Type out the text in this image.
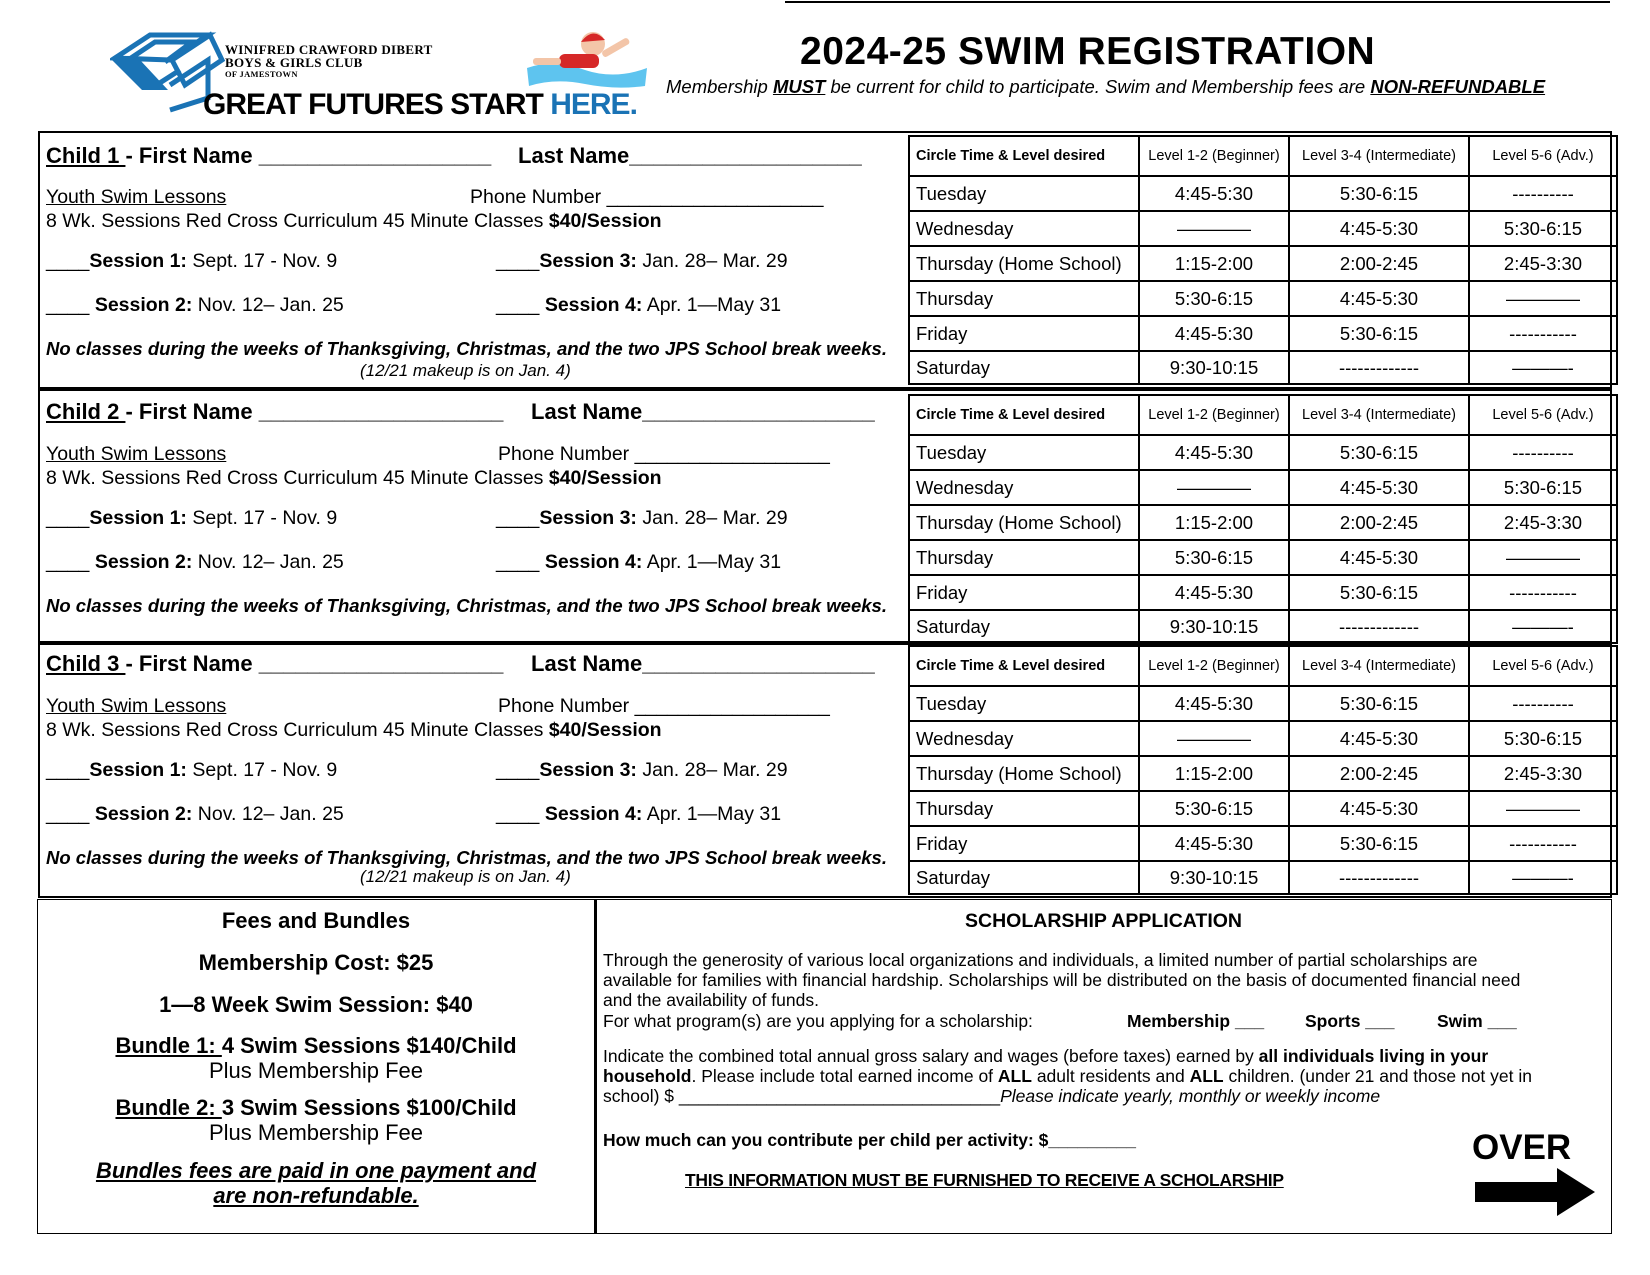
WINIFRED CRAWFORD DIBERT
BOYS & GIRLS CLUB
OF JAMESTOWN
GREAT FUTURES START HERE.
2024-25 SWIM REGISTRATION
Membership MUST be current for child to participate. Swim and Membership fees are NON-REFUNDABLE
Child 1 - First Name ___________________ Last Name___________________
Youth Swim Lessons	Phone Number ____________________
8 Wk. Sessions Red Cross Curriculum 45 Minute Classes $40/Session
____Session 1: Sept. 17 - Nov. 9	____Session 3: Jan. 28– Mar. 29
____ Session 2: Nov. 12– Jan. 25	____ Session 4: Apr. 1—May 31
No classes during the weeks of Thanksgiving, Christmas, and the two JPS School break weeks.
(12/21 makeup is on Jan. 4)
Child 2 - First Name ____________________ Last Name___________________
Youth Swim Lessons	Phone Number __________________
8 Wk. Sessions Red Cross Curriculum 45 Minute Classes $40/Session
____Session 1: Sept. 17 - Nov. 9	____Session 3: Jan. 28– Mar. 29
____ Session 2: Nov. 12– Jan. 25	____ Session 4: Apr. 1—May 31
No classes during the weeks of Thanksgiving, Christmas, and the two JPS School break weeks.
Child 3 - First Name ____________________ Last Name___________________
Youth Swim Lessons	Phone Number __________________
8 Wk. Sessions Red Cross Curriculum 45 Minute Classes $40/Session
____Session 1: Sept. 17 - Nov. 9	____Session 3: Jan. 28– Mar. 29
____ Session 2: Nov. 12– Jan. 25	____ Session 4: Apr. 1—May 31
No classes during the weeks of Thanksgiving, Christmas, and the two JPS School break weeks.
(12/21 makeup is on Jan. 4)
Fees and Bundles
Membership Cost: $25
1—8 Week Swim Session: $40
Bundle 1: 4 Swim Sessions $140/Child
Plus Membership Fee
Bundle 2: 3 Swim Sessions $100/Child
Plus Membership Fee
Bundles fees are paid in one payment and
are non-refundable.
SCHOLARSHIP APPLICATION
Through the generosity of various local organizations and individuals, a limited number of partial scholarships are
available for families with financial hardship. Scholarships will be distributed on the basis of documented financial need
and the availability of funds.
For what program(s) are you applying for a scholarship:	Membership ___ Sports ___ Swim ___
Indicate the combined total annual gross salary and wages (before taxes) earned by all individuals living in your
household. Please include total earned income of ALL adult residents and ALL children. (under 21 and those not yet in
school) $ _________________________________Please indicate yearly, monthly or weekly income
How much can you contribute per child per activity: $_________
THIS INFORMATION MUST BE FURNISHED TO RECEIVE A SCHOLARSHIP
OVER
Circle Time & Level desired	Level 1-2 (Beginner)	Level 3-4 (Intermediate)	Level 5-6 (Adv.)
Tuesday	4:45-5:30	5:30-6:15	----------
Wednesday	————	4:45-5:30	5:30-6:15
Thursday (Home School)	1:15-2:00	2:00-2:45	2:45-3:30
Thursday	5:30-6:15	4:45-5:30	————
Friday	4:45-5:30	5:30-6:15	-----------
Saturday	9:30-10:15	-------------	———-
Circle Time & Level desired	Level 1-2 (Beginner)	Level 3-4 (Intermediate)	Level 5-6 (Adv.)
Tuesday	4:45-5:30	5:30-6:15	----------
Wednesday	————	4:45-5:30	5:30-6:15
Thursday (Home School)	1:15-2:00	2:00-2:45	2:45-3:30
Thursday	5:30-6:15	4:45-5:30	————
Friday	4:45-5:30	5:30-6:15	-----------
Saturday	9:30-10:15	-------------	———-
Circle Time & Level desired	Level 1-2 (Beginner)	Level 3-4 (Intermediate)	Level 5-6 (Adv.)
Tuesday	4:45-5:30	5:30-6:15	----------
Wednesday	————	4:45-5:30	5:30-6:15
Thursday (Home School)	1:15-2:00	2:00-2:45	2:45-3:30
Thursday	5:30-6:15	4:45-5:30	————
Friday	4:45-5:30	5:30-6:15	-----------
Saturday	9:30-10:15	-------------	———-
